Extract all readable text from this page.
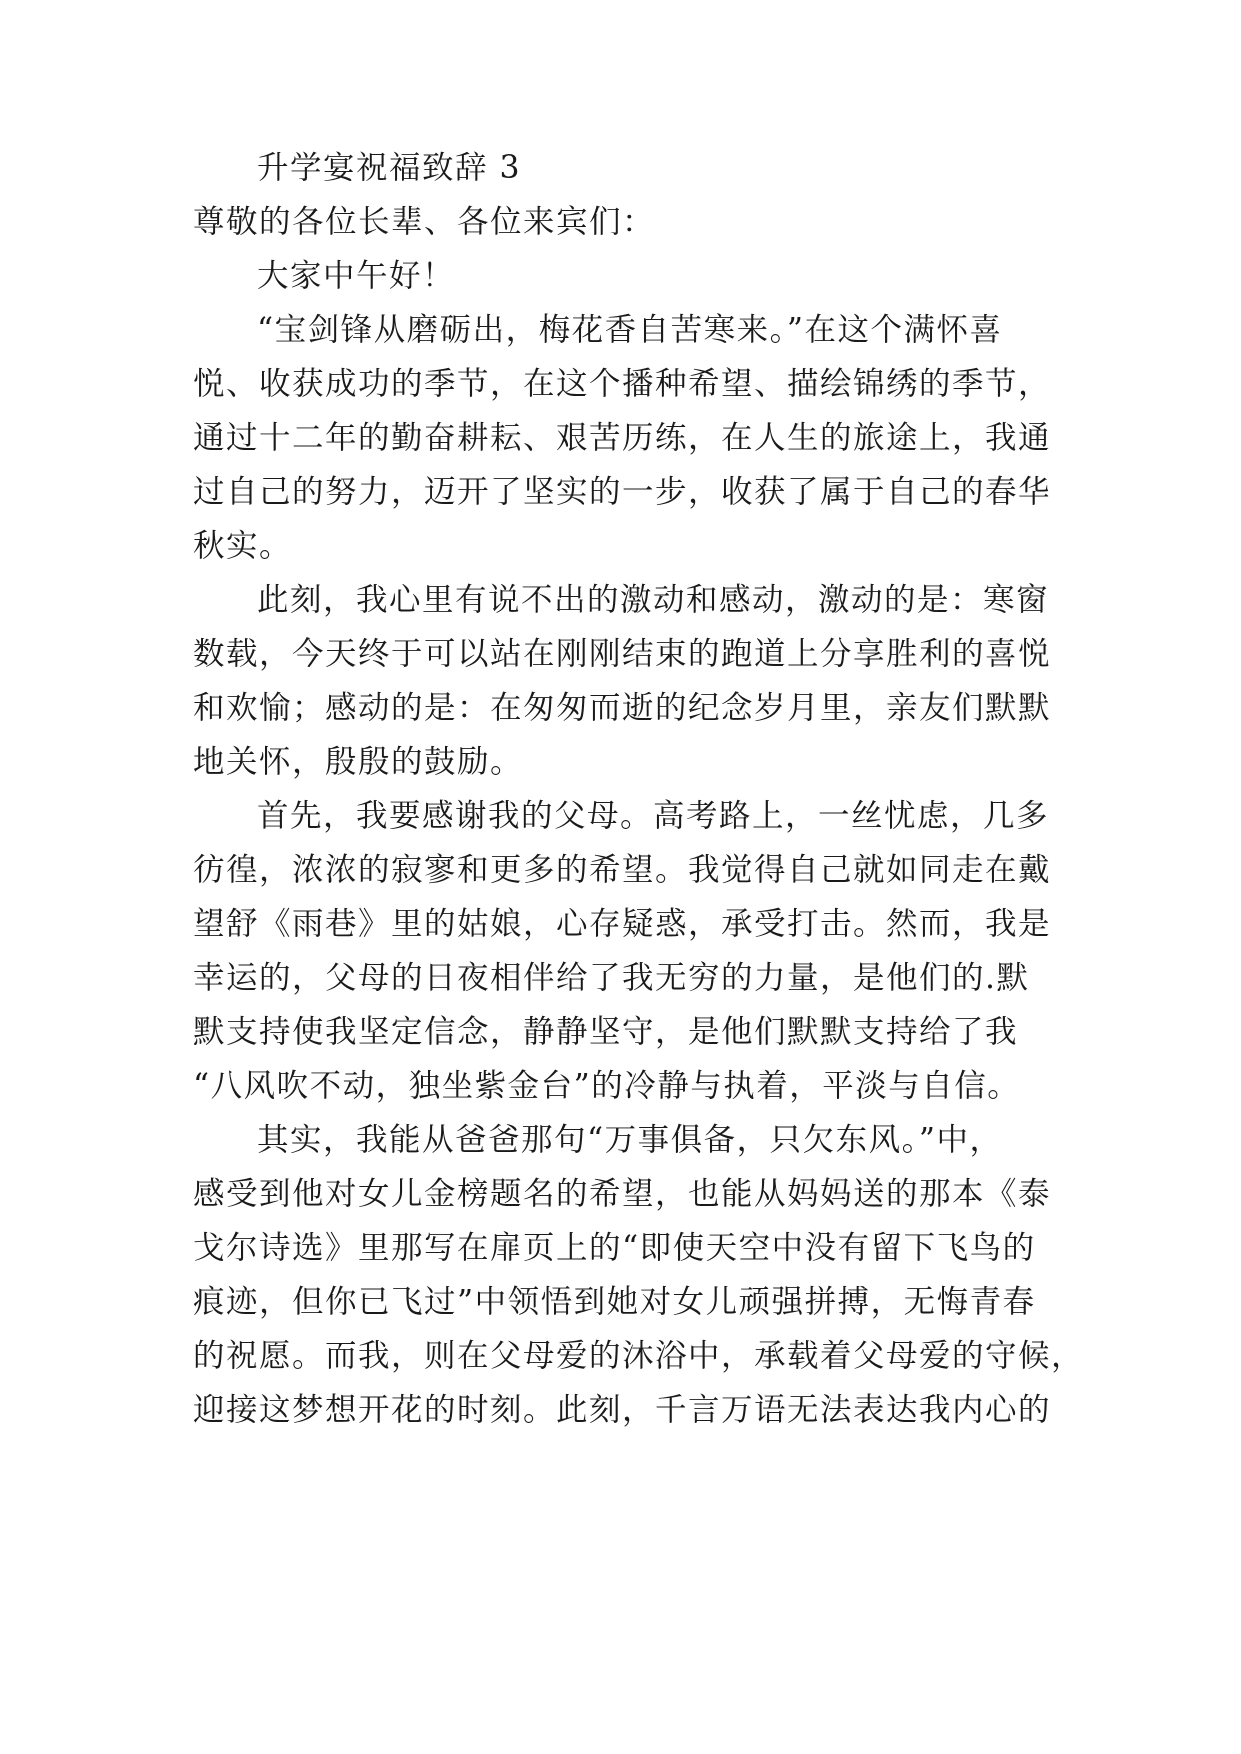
升学宴祝福致辞 3

尊敬的各位长辈、各位来宾们：

大家中午好！

“宝剑锋从磨砺出，梅花香自苦寒来。”在这个满怀喜

悦、收获成功的季节，在这个播种希望、描绘锦绣的季节，

通过十二年的勤奋耕耘、艰苦历练，在人生的旅途上，我通

过自己的努力，迈开了坚实的一步，收获了属于自己的春华

秋实。

此刻，我心里有说不出的激动和感动，激动的是：寒窗

数载，今天终于可以站在刚刚结束的跑道上分享胜利的喜悦

和欢愉；感动的是：在匆匆而逝的纪念岁月里，亲友们默默

地关怀，殷殷的鼓励。

首先，我要感谢我的父母。高考路上，一丝忧虑，几多

彷徨，浓浓的寂寥和更多的希望。我觉得自己就如同走在戴

望舒《雨巷》里的姑娘，心存疑惑，承受打击。然而，我是

幸运的，父母的日夜相伴给了我无穷的力量，是他们的.默

默支持使我坚定信念，静静坚守，是他们默默支持给了我

“八风吹不动，独坐紫金台”的冷静与执着，平淡与自信。

其实，我能从爸爸那句“万事俱备，只欠东风。”中，

感受到他对女儿金榜题名的希望，也能从妈妈送的那本《泰

戈尔诗选》里那写在扉页上的“即使天空中没有留下飞鸟的

痕迹，但你已飞过”中领悟到她对女儿顽强拼搏，无悔青春

的祝愿。而我，则在父母爱的沐浴中，承载着父母爱的守候，

迎接这梦想开花的时刻。此刻，千言万语无法表达我内心的
